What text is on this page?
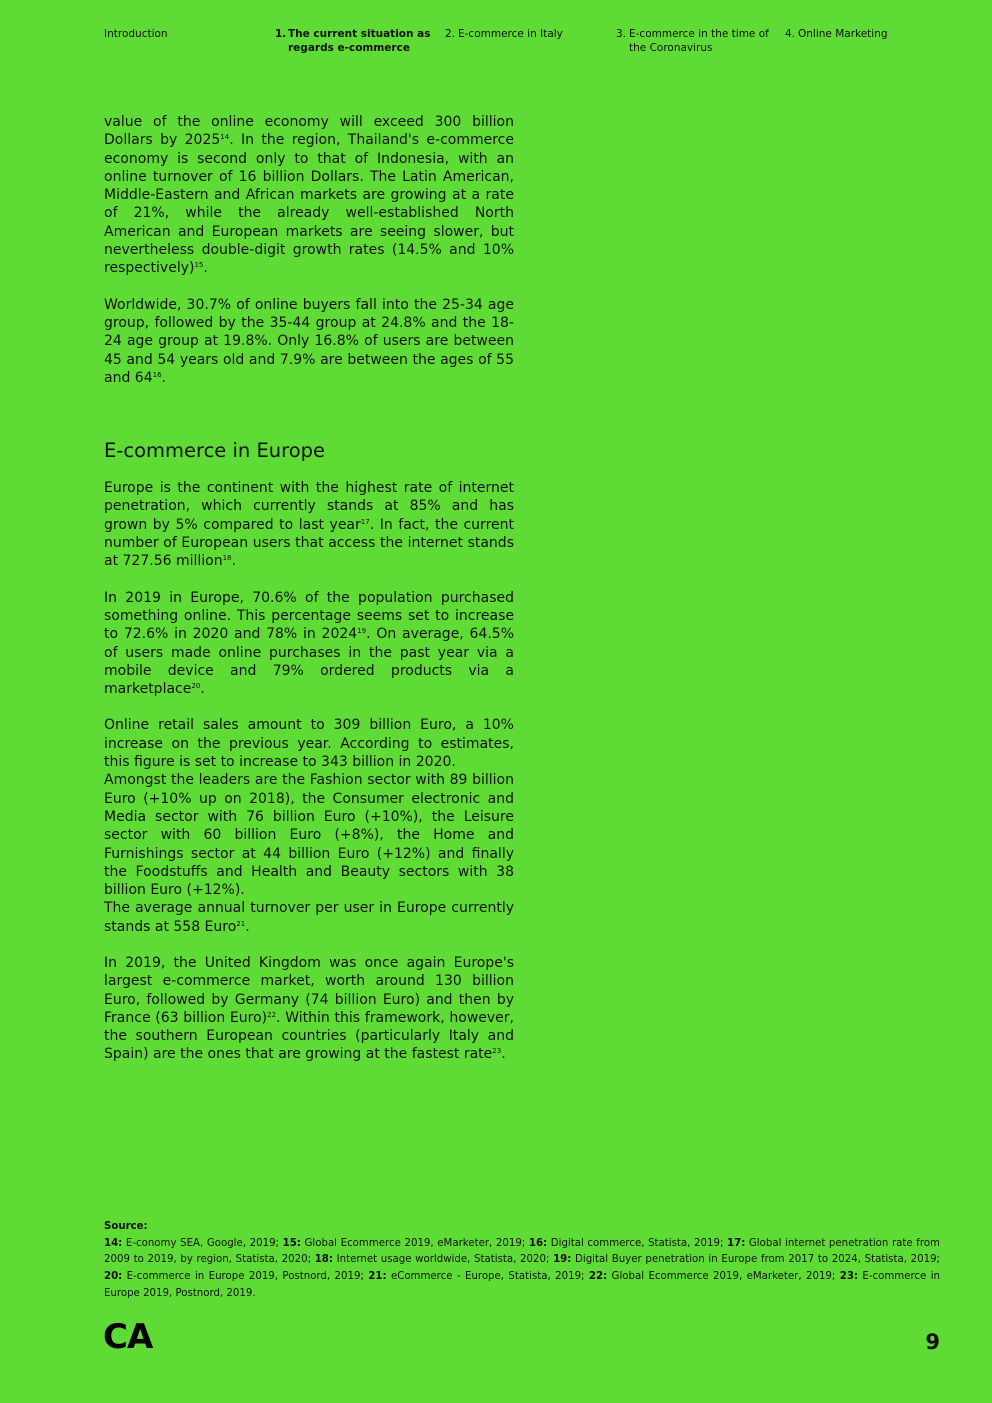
Introduction	1. The current situation as
regards e-commerce
2. E-commerce in Italy	3. E-commerce in the time of
the Coronavirus
4. Online Marketing

value of the online economy will exceed 300 billion Dollars by 2025$^{14}$. In the region, Thailand's e-commerce economy is second only to that of Indonesia, with an online turnover of 16 billion Dollars. The Latin American, Middle-Eastern and African markets are growing at a rate of 21%, while the already well-established North American and European markets are seeing slower, but nevertheless double-digit growth rates (14.5% and 10% respectively)$^{15}$.

Worldwide, 30.7% of online buyers fall into the 25-34 age group, followed by the 35-44 group at 24.8% and the 18-24 age group at 19.8%. Only 16.8% of users are between 45 and 54 years old and 7.9% are between the ages of 55 and $64^{16}$.

E-commerce in Europe

Europe is the continent with the highest rate of internet penetration, which currently stands at 85% and has grown by 5% compared to last year$^{17}$. In fact, the current number of European users that access the internet stands at 727.56 million$^{18}$.

In 2019 in Europe, 70.6% of the population purchased something online. This percentage seems set to increase to 72.6% in 2020 and 78% in 2024$^{19}$. On average, 64.5% of users made online purchases in the past year via a mobile device and 79% ordered products via a marketplace$^{20}$.

Online retail sales amount to 309 billion Euro, a 10% increase on the previous year. According to estimates, this figure is set to increase to 343 billion in 2020.

Amongst the leaders are the Fashion sector with 89 billion Euro (+10% up on 2018), the Consumer electronic and Media sector with 76 billion Euro (+10%), the Leisure sector with 60 billion Euro (+8%), the Home and Furnishings sector at 44 billion Euro (+12%) and finally the Foodstuffs and Health and Beauty sectors with 38 billion Euro (+12%).

The average annual turnover per user in Europe currently stands at 558 Euro$^{21}$.

In 2019, the United Kingdom was once again Europe's largest e-commerce market, worth around 130 billion Euro, followed by Germany (74 billion Euro) and then by France (63 billion Euro)$^{22}$. Within this framework, however, the southern European countries (particularly Italy and Spain) are the ones that are growing at the fastest rate$^{23}$.

Source:
14: E-conomy SEA, Google, 2019; 15: Global Ecommerce 2019, eMarketer, 2019; 16: Digital commerce, Statista, 2019; 17: Global internet penetration rate from 2009 to 2019, by region, Statista, 2020; 18: Internet usage worldwide, Statista, 2020; 19: Digital Buyer penetration in Europe from 2017 to 2024, Statista, 2019; 20: E-commerce in Europe 2019, Postnord, 2019; 21: eCommerce - Europe, Statista, 2019; 22: Global Ecommerce 2019, eMarketer, 2019; 23: E-commerce in Europe 2019, Postnord, 2019.
CA	9
